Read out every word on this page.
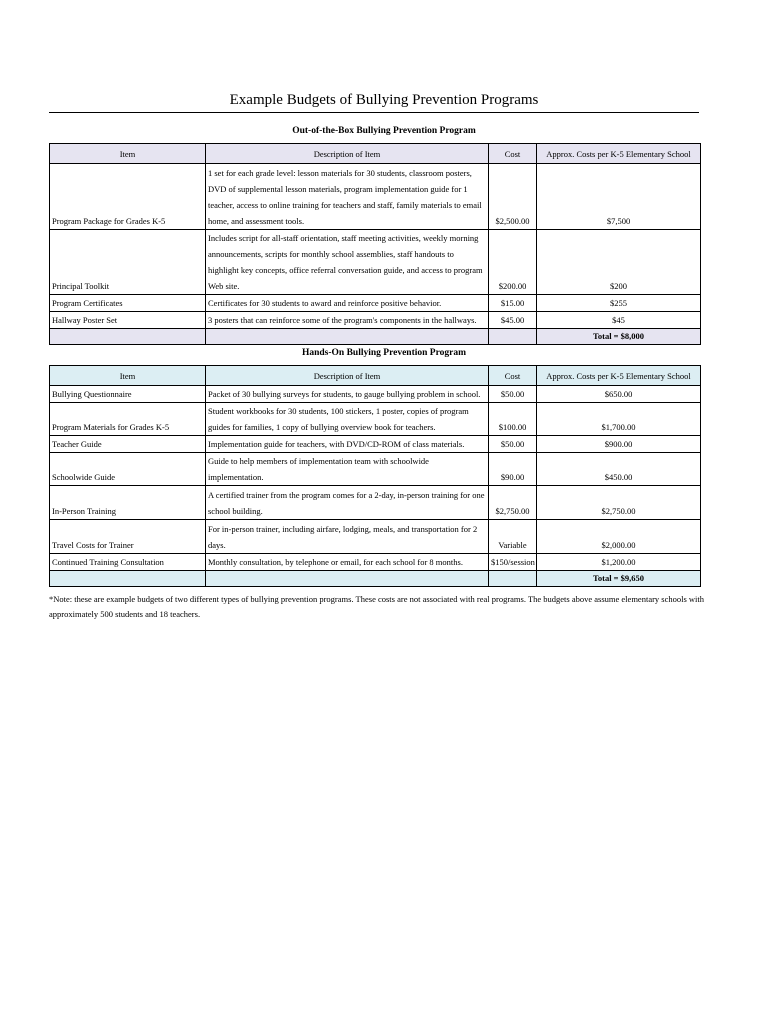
Example Budgets of Bullying Prevention Programs
Out-of-the-Box Bullying Prevention Program
Item	Description of Item	Cost	Approx. Costs per K-5 Elementary School
Program Package for Grades K-5	1 set for each grade level: lesson materials for 30 students, classroom posters, DVD of supplemental lesson materials, program implementation guide for 1 teacher, access to online training for teachers and staff, family materials to email home, and assessment tools.	$2,500.00	$7,500
Principal Toolkit	Includes script for all-staff orientation, staff meeting activities, weekly morning announcements, scripts for monthly school assemblies, staff handouts to highlight key concepts, office referral conversation guide, and access to program Web site.	$200.00	$200
Program Certificates	Certificates for 30 students to award and reinforce positive behavior.	$15.00	$255
Hallway Poster Set	3 posters that can reinforce some of the program's components in the hallways.	$45.00	$45
			Total = $8,000
Hands-On Bullying Prevention Program
Item	Description of Item	Cost	Approx. Costs per K-5 Elementary School
Bullying Questionnaire	Packet of 30 bullying surveys for students, to gauge bullying problem in school.	$50.00	$650.00
Program Materials for Grades K-5	Student workbooks for 30 students, 100 stickers, 1 poster, copies of program guides for families, 1 copy of bullying overview book for teachers.	$100.00	$1,700.00
Teacher Guide	Implementation guide for teachers, with DVD/CD-ROM of class materials.	$50.00	$900.00
Schoolwide Guide	Guide to help members of implementation team with schoolwide implementation.	$90.00	$450.00
In-Person Training	A certified trainer from the program comes for a 2-day, in-person training for one school building.	$2,750.00	$2,750.00
Travel Costs for Trainer	For in-person trainer, including airfare, lodging, meals, and transportation for 2 days.	Variable	$2,000.00
Continued Training Consultation	Monthly consultation, by telephone or email, for each school for 8 months.	$150/session	$1,200.00
			Total = $9,650
*Note: these are example budgets of two different types of bullying prevention programs. These costs are not associated with real programs. The budgets above assume elementary schools with approximately 500 students and 18 teachers.
